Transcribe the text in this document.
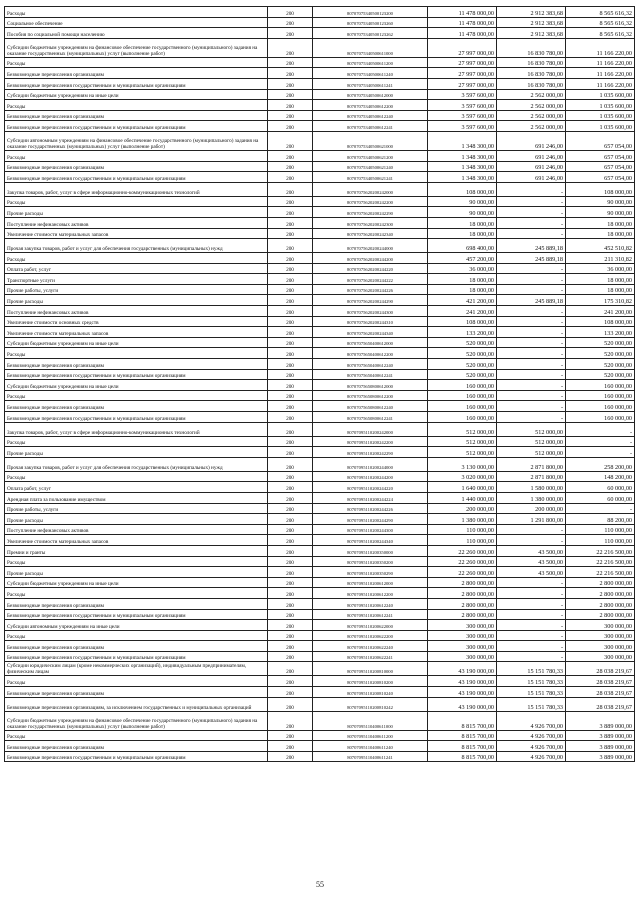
Расходы	200	80707075340500123200	11 478 000,00	2 912 383,68	8 565 616,32
Социальное обеспечение	200	80707075340500123260	11 478 000,00	2 912 383,68	8 565 616,32
Пособия по социальной помощи населению	200	80707075340500123262	11 478 000,00	2 912 383,68	8 565 616,32
Субсидии бюджетным учреждениям на финансовое обеспечение государственного (муниципального) задания на оказание государственных (муниципальных) услуг (выполнение работ)	200	80707075340500611000	27 997 000,00	16 830 780,00	11 166 220,00
Расходы	200	80707075340500611200	27 997 000,00	16 830 780,00	11 166 220,00
Безвозмездные перечисления организациям	200	80707075340500611240	27 997 000,00	16 830 780,00	11 166 220,00
Безвозмездные перечисления государственным и муниципальным организациям	200	80707075340500611241	27 997 000,00	16 830 780,00	11 166 220,00
Субсидии бюджетным учреждениям на иные цели	200	80707075340500612000	3 597 600,00	2 562 000,00	1 035 600,00
Расходы	200	80707075340500612200	3 597 600,00	2 562 000,00	1 035 600,00
Безвозмездные перечисления организациям	200	80707075340500612240	3 597 600,00	2 562 000,00	1 035 600,00
Безвозмездные перечисления государственным и муниципальным организациям	200	80707075340500612241	3 597 600,00	2 562 000,00	1 035 600,00
Субсидии автономным учреждениям на финансовое обеспечение государственного (муниципального) задания на оказание государственных (муниципальных) услуг (выполнение работ)	200	80707075340500621000	1 348 300,00	691 246,00	657 054,00
Расходы	200	80707075340500621200	1 348 300,00	691 246,00	657 054,00
Безвозмездные перечисления организациям	200	80707075340500621240	1 348 300,00	691 246,00	657 054,00
Безвозмездные перечисления государственным и муниципальным организациям	200	80707075340500621241	1 348 300,00	691 246,00	657 054,00
Закупка товаров, работ, услуг в сфере информационно-коммуникационных технологий	200	80707075620200242000	108 000,00	-	108 000,00
Расходы	200	80707075620200242200	90 000,00	-	90 000,00
Прочие расходы	200	80707075620200242290	90 000,00	-	90 000,00
Поступление нефинансовых активов	200	80707075620200242300	18 000,00	-	18 000,00
Увеличение стоимости материальных запасов	200	80707075620200242340	18 000,00	-	18 000,00
Прочая закупка товаров, работ и услуг для обеспечения государственных (муниципальных) нужд	200	80707075620200244000	698 400,00	245 889,18	452 510,82
Расходы	200	80707075620200244200	457 200,00	245 889,18	211 310,82
Оплата работ, услуг	200	80707075620200244220	36 000,00	-	36 000,00
Транспортные услуги	200	80707075620200244222	18 000,00	-	18 000,00
Прочие работы, услуги	200	80707075620200244226	18 000,00	-	18 000,00
Прочие расходы	200	80707075620200244290	421 200,00	245 889,18	175 310,82
Поступление нефинансовых активов	200	80707075620200244300	241 200,00	-	241 200,00
Увеличение стоимости основных средств	200	80707075620200244310	108 000,00	-	108 000,00
Увеличение стоимости материальных запасов	200	80707075620200244340	133 200,00	-	133 200,00
Субсидии бюджетным учреждениям на иные цели	200	80707075650400612000	520 000,00	-	520 000,00
Расходы	200	80707075650400612200	520 000,00	-	520 000,00
Безвозмездные перечисления организациям	200	80707075650400612240	520 000,00	-	520 000,00
Безвозмездные перечисления государственным и муниципальным организациям	200	80707075650400612241	520 000,00	-	520 000,00
Субсидии бюджетным учреждениям на иные цели	200	80707075650800612000	160 000,00	-	160 000,00
Расходы	200	80707075650800612200	160 000,00	-	160 000,00
Безвозмездные перечисления организациям	200	80707075650800612240	160 000,00	-	160 000,00
Безвозмездные перечисления государственным и муниципальным организациям	200	80707075650800612241	160 000,00	-	160 000,00
Закупка товаров, работ, услуг в сфере информационно-коммуникационных технологий	200	80707095110200242000	512 000,00	512 000,00	-
Расходы	200	80707095110200242200	512 000,00	512 000,00	-
Прочие расходы	200	80707095110200242290	512 000,00	512 000,00	-
Прочая закупка товаров, работ и услуг для обеспечения государственных (муниципальных) нужд	200	80707095110200244000	3 130 000,00	2 871 800,00	258 200,00
Расходы	200	80707095110200244200	3 020 000,00	2 871 800,00	148 200,00
Оплата работ, услуг	200	80707095110200244220	1 640 000,00	1 580 000,00	60 000,00
Арендная плата за пользование имуществом	200	80707095110200244224	1 440 000,00	1 380 000,00	60 000,00
Прочие работы, услуги	200	80707095110200244226	200 000,00	200 000,00	-
Прочие расходы	200	80707095110200244290	1 380 000,00	1 291 800,00	88 200,00
Поступление нефинансовых активов	200	80707095110200244300	110 000,00	-	110 000,00
Увеличение стоимости материальных запасов	200	80707095110200244340	110 000,00	-	110 000,00
Премии и гранты	200	80707095110200350000	22 260 000,00	43 500,00	22 216 500,00
Расходы	200	80707095110200350200	22 260 000,00	43 500,00	22 216 500,00
Прочие расходы	200	80707095110200350290	22 260 000,00	43 500,00	22 216 500,00
Субсидии бюджетным учреждениям на иные цели	200	80707095110200612000	2 800 000,00	-	2 800 000,00
Расходы	200	80707095110200612200	2 800 000,00	-	2 800 000,00
Безвозмездные перечисления организациям	200	80707095110200612240	2 800 000,00	-	2 800 000,00
Безвозмездные перечисления государственным и муниципальным организациям	200	80707095110200612241	2 800 000,00	-	2 800 000,00
Субсидии автономным учреждениям на иные цели	200	80707095110200622000	300 000,00	-	300 000,00
Расходы	200	80707095110200622200	300 000,00	-	300 000,00
Безвозмездные перечисления организациям	200	80707095110200622240	300 000,00	-	300 000,00
Безвозмездные перечисления государственным и муниципальным организациям	200	80707095110200622241	300 000,00	-	300 000,00
Субсидии юридическим лицам (кроме некоммерческих организаций), индивидуальным предпринимателям, физическим лицам	200	80707095110200810000	43 190 000,00	15 151 780,33	28 038 219,67
Расходы	200	80707095110200810200	43 190 000,00	15 151 780,33	28 038 219,67
Безвозмездные перечисления организациям	200	80707095110200810240	43 190 000,00	15 151 780,33	28 038 219,67
Безвозмездные перечисления организациям, за исключением государственных и муниципальных организаций	200	80707095110200810242	43 190 000,00	15 151 780,33	28 038 219,67
Субсидии бюджетным учреждениям на финансовое обеспечение государственного (муниципального) задания на оказание государственных (муниципальных) услуг (выполнение работ)	200	80707095110400611000	8 815 700,00	4 926 700,00	3 889 000,00
Расходы	200	80707095110400611200	8 815 700,00	4 926 700,00	3 889 000,00
Безвозмездные перечисления организациям	200	80707095110400611240	8 815 700,00	4 926 700,00	3 889 000,00
Безвозмездные перечисления государственным и муниципальным организациям	200	80707095110400611241	8 815 700,00	4 926 700,00	3 889 000,00
55
